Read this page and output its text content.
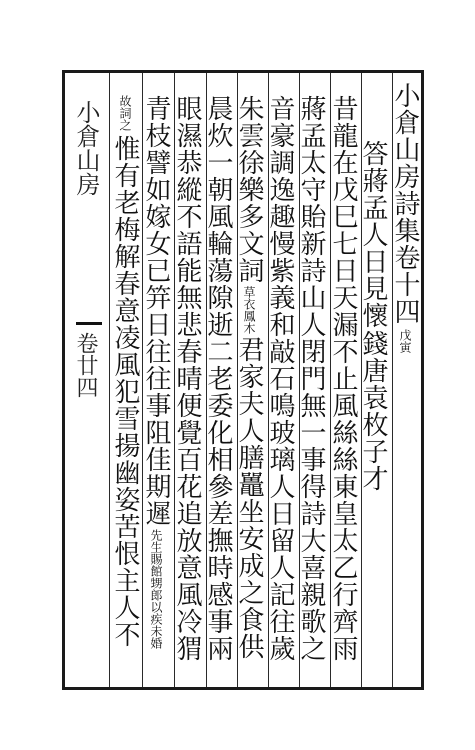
小倉山房
卷廿四
小倉山房詩集卷十四戊寅
錢唐袁枚子才
答蔣孟人日見懷
昔龍在戊巳七日天漏不止風絲絲東皇太乙行齊雨
蔣孟太守貽新詩山人閉門無一事得詩大喜親歌之
音豪調逸趣慢紫義和敲石鳴玻璃人日留人記往歲
朱雲徐樂多文詞草衣鳳木君家夫人膳鼉坐安成之食供
晨炊一朝風輪蕩隙逝二老委化相參差撫時感事兩
眼濕恭縱不語能無悲春晴便覺百花追放意風冷猬
青枝譬如嫁女已笄日往往事阻佳期遲先生賜館甥郎以疾未婚
故詞之惟有老梅解春意凌風犯雪揚幽姿苦恨主人不
